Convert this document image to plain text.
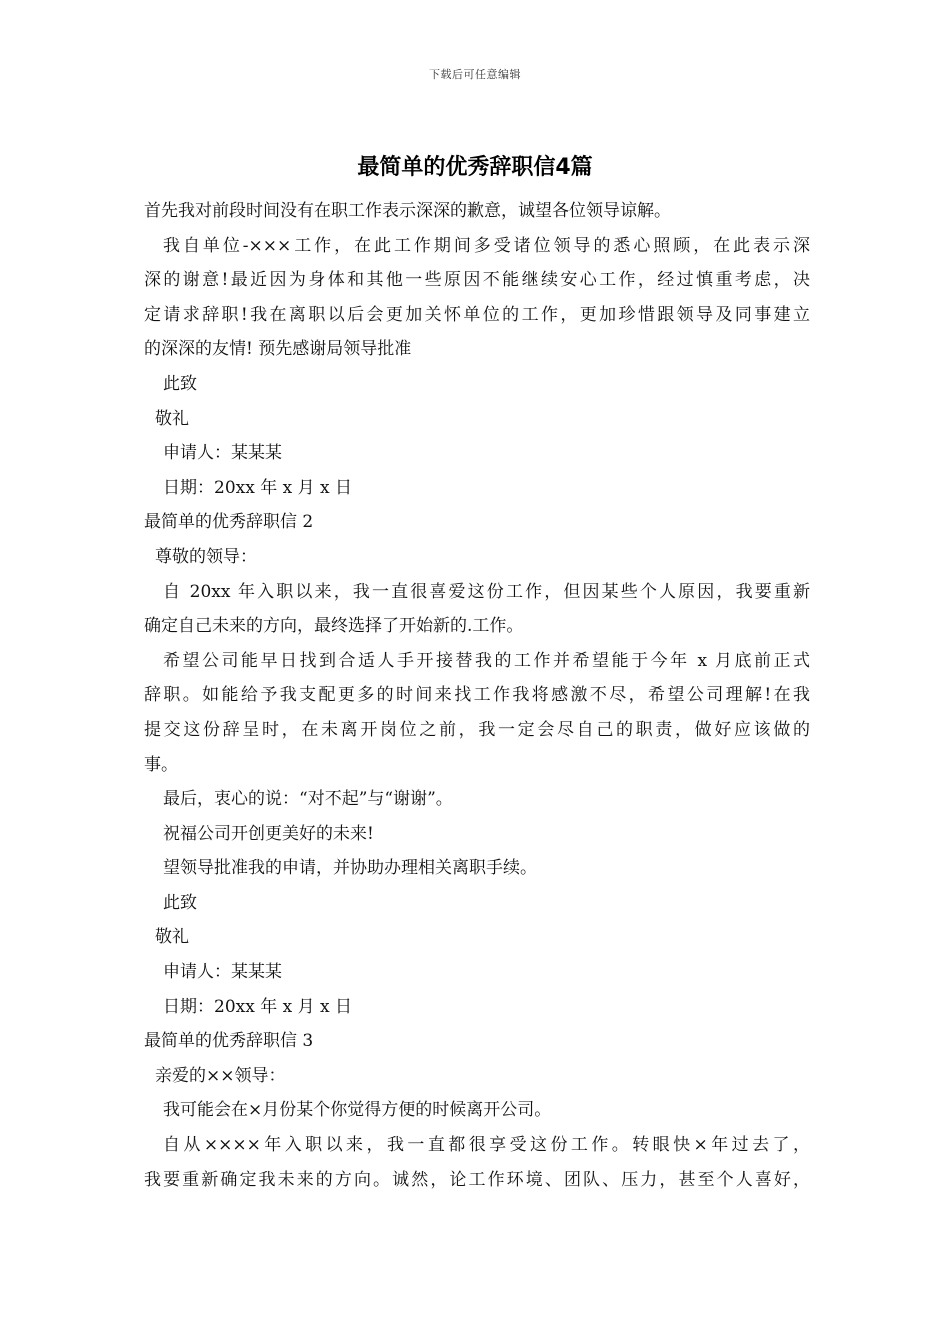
下载后可任意编辑
最简单的优秀辞职信4篇
首先我对前段时间没有在职工作表示深深的歉意，诚望各位领导谅解。
我自单位-×××工作，在此工作期间多受诸位领导的悉心照顾，在此表示深
深的谢意!最近因为身体和其他一些原因不能继续安心工作，经过慎重考虑，决
定请求辞职!我在离职以后会更加关怀单位的工作，更加珍惜跟领导及同事建立
的深深的友情! 预先感谢局领导批准
此致
敬礼
申请人：某某某
日期：20xx 年 x 月 x 日
最简单的优秀辞职信 2
尊敬的领导：
自 20xx 年入职以来，我一直很喜爱这份工作，但因某些个人原因，我要重新
确定自己未来的方向，最终选择了开始新的.工作。
希望公司能早日找到合适人手开接替我的工作并希望能于今年 x 月底前正式
辞职。如能给予我支配更多的时间来找工作我将感激不尽，希望公司理解!在我
提交这份辞呈时，在未离开岗位之前，我一定会尽自己的职责，做好应该做的
事。
最后，衷心的说：“对不起”与“谢谢”。
祝福公司开创更美好的未来!
望领导批准我的申请，并协助办理相关离职手续。
此致
敬礼
申请人：某某某
日期：20xx 年 x 月 x 日
最简单的优秀辞职信 3
亲爱的××领导：
我可能会在×月份某个你觉得方便的时候离开公司。
自从××××年入职以来，我一直都很享受这份工作。转眼快×年过去了，
我要重新确定我未来的方向。诚然，论工作环境、团队、压力，甚至个人喜好，
